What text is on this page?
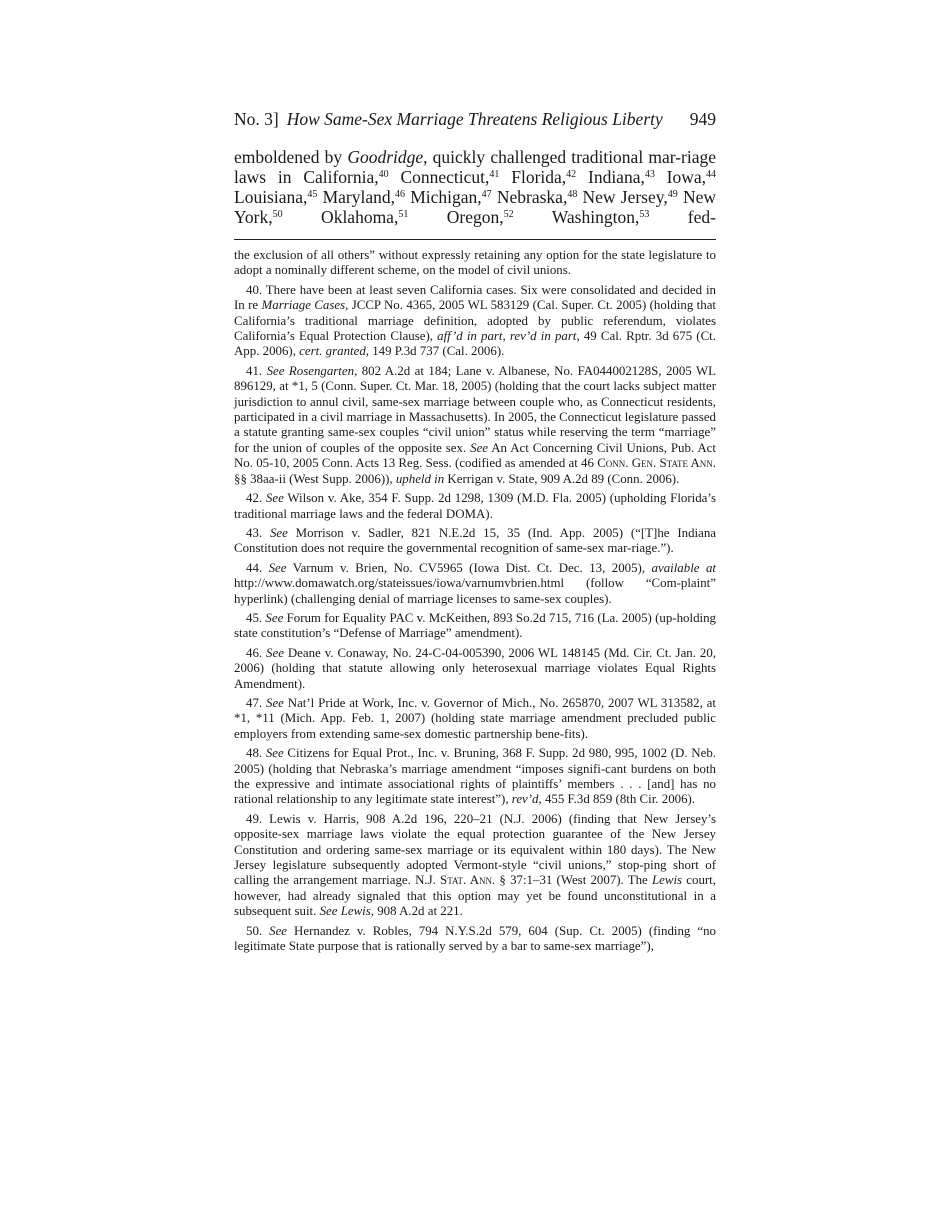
No. 3] How Same-Sex Marriage Threatens Religious Liberty	949
emboldened by Goodridge, quickly challenged traditional mar-riage laws in California,$^{40}$ Connecticut,$^{41}$ Florida,$^{42}$ Indiana,$^{43}$ Iowa,$^{44}$ Louisiana,$^{45}$ Maryland,$^{46}$ Michigan,$^{47}$ Nebraska,$^{48}$ New Jersey,$^{49}$ New York,$^{50}$ Oklahoma,$^{51}$ Oregon,$^{52}$ Washington,$^{53}$ fed-

the exclusion of all others” without expressly retaining any option for the state legislature to adopt a nominally different scheme, on the model of civil unions.

40. There have been at least seven California cases. Six were consolidated and decided in In re Marriage Cases, JCCP No. 4365, 2005 WL 583129 (Cal. Super. Ct. 2005) (holding that California’s traditional marriage definition, adopted by public referendum, violates California’s Equal Protection Clause), aff’d in part, rev’d in part, 49 Cal. Rptr. 3d 675 (Ct. App. 2006), cert. granted, 149 P.3d 737 (Cal. 2006).

41. See Rosengarten, 802 A.2d at 184; Lane v. Albanese, No. FA044002128S, 2005 WL 896129, at *1, 5 (Conn. Super. Ct. Mar. 18, 2005) (holding that the court lacks subject matter jurisdiction to annul civil, same-sex marriage between couple who, as Connecticut residents, participated in a civil marriage in Massachusetts). In 2005, the Connecticut legislature passed a statute granting same-sex couples “civil union” status while reserving the term “marriage” for the union of couples of the opposite sex. See An Act Concerning Civil Unions, Pub. Act No. 05-10, 2005 Conn. Acts 13 Reg. Sess. (codified as amended at 46 Conn. Gen. State Ann. §§ 38aa-ii (West Supp. 2006)), upheld in Kerrigan v. State, 909 A.2d 89 (Conn. 2006).

42. See Wilson v. Ake, 354 F. Supp. 2d 1298, 1309 (M.D. Fla. 2005) (upholding Florida’s traditional marriage laws and the federal DOMA).

43. See Morrison v. Sadler, 821 N.E.2d 15, 35 (Ind. App. 2005) (“[T]he Indiana Constitution does not require the governmental recognition of same-sex mar-riage.”).

44. See Varnum v. Brien, No. CV5965 (Iowa Dist. Ct. Dec. 13, 2005), available at http://www.domawatch.org/stateissues/iowa/varnumvbrien.html (follow “Com-plaint” hyperlink) (challenging denial of marriage licenses to same-sex couples).

45. See Forum for Equality PAC v. McKeithen, 893 So.2d 715, 716 (La. 2005) (up-holding state constitution’s “Defense of Marriage” amendment).

46. See Deane v. Conaway, No. 24-C-04-005390, 2006 WL 148145 (Md. Cir. Ct. Jan. 20, 2006) (holding that statute allowing only heterosexual marriage violates Equal Rights Amendment).

47. See Nat’l Pride at Work, Inc. v. Governor of Mich., No. 265870, 2007 WL 313582, at *1, *11 (Mich. App. Feb. 1, 2007) (holding state marriage amendment precluded public employers from extending same-sex domestic partnership bene-fits).

48. See Citizens for Equal Prot., Inc. v. Bruning, 368 F. Supp. 2d 980, 995, 1002 (D. Neb. 2005) (holding that Nebraska’s marriage amendment “imposes signifi-cant burdens on both the expressive and intimate associational rights of plaintiffs’ members . . . [and] has no rational relationship to any legitimate state interest”), rev’d, 455 F.3d 859 (8th Cir. 2006).

49. Lewis v. Harris, 908 A.2d 196, 220–21 (N.J. 2006) (finding that New Jersey’s opposite-sex marriage laws violate the equal protection guarantee of the New Jersey Constitution and ordering same-sex marriage or its equivalent within 180 days). The New Jersey legislature subsequently adopted Vermont-style “civil unions,” stop-ping short of calling the arrangement marriage. N.J. Stat. Ann. § 37:1–31 (West 2007). The Lewis court, however, had already signaled that this option may yet be found unconstitutional in a subsequent suit. See Lewis, 908 A.2d at 221.

50. See Hernandez v. Robles, 794 N.Y.S.2d 579, 604 (Sup. Ct. 2005) (finding “no legitimate State purpose that is rationally served by a bar to same-sex marriage”),
